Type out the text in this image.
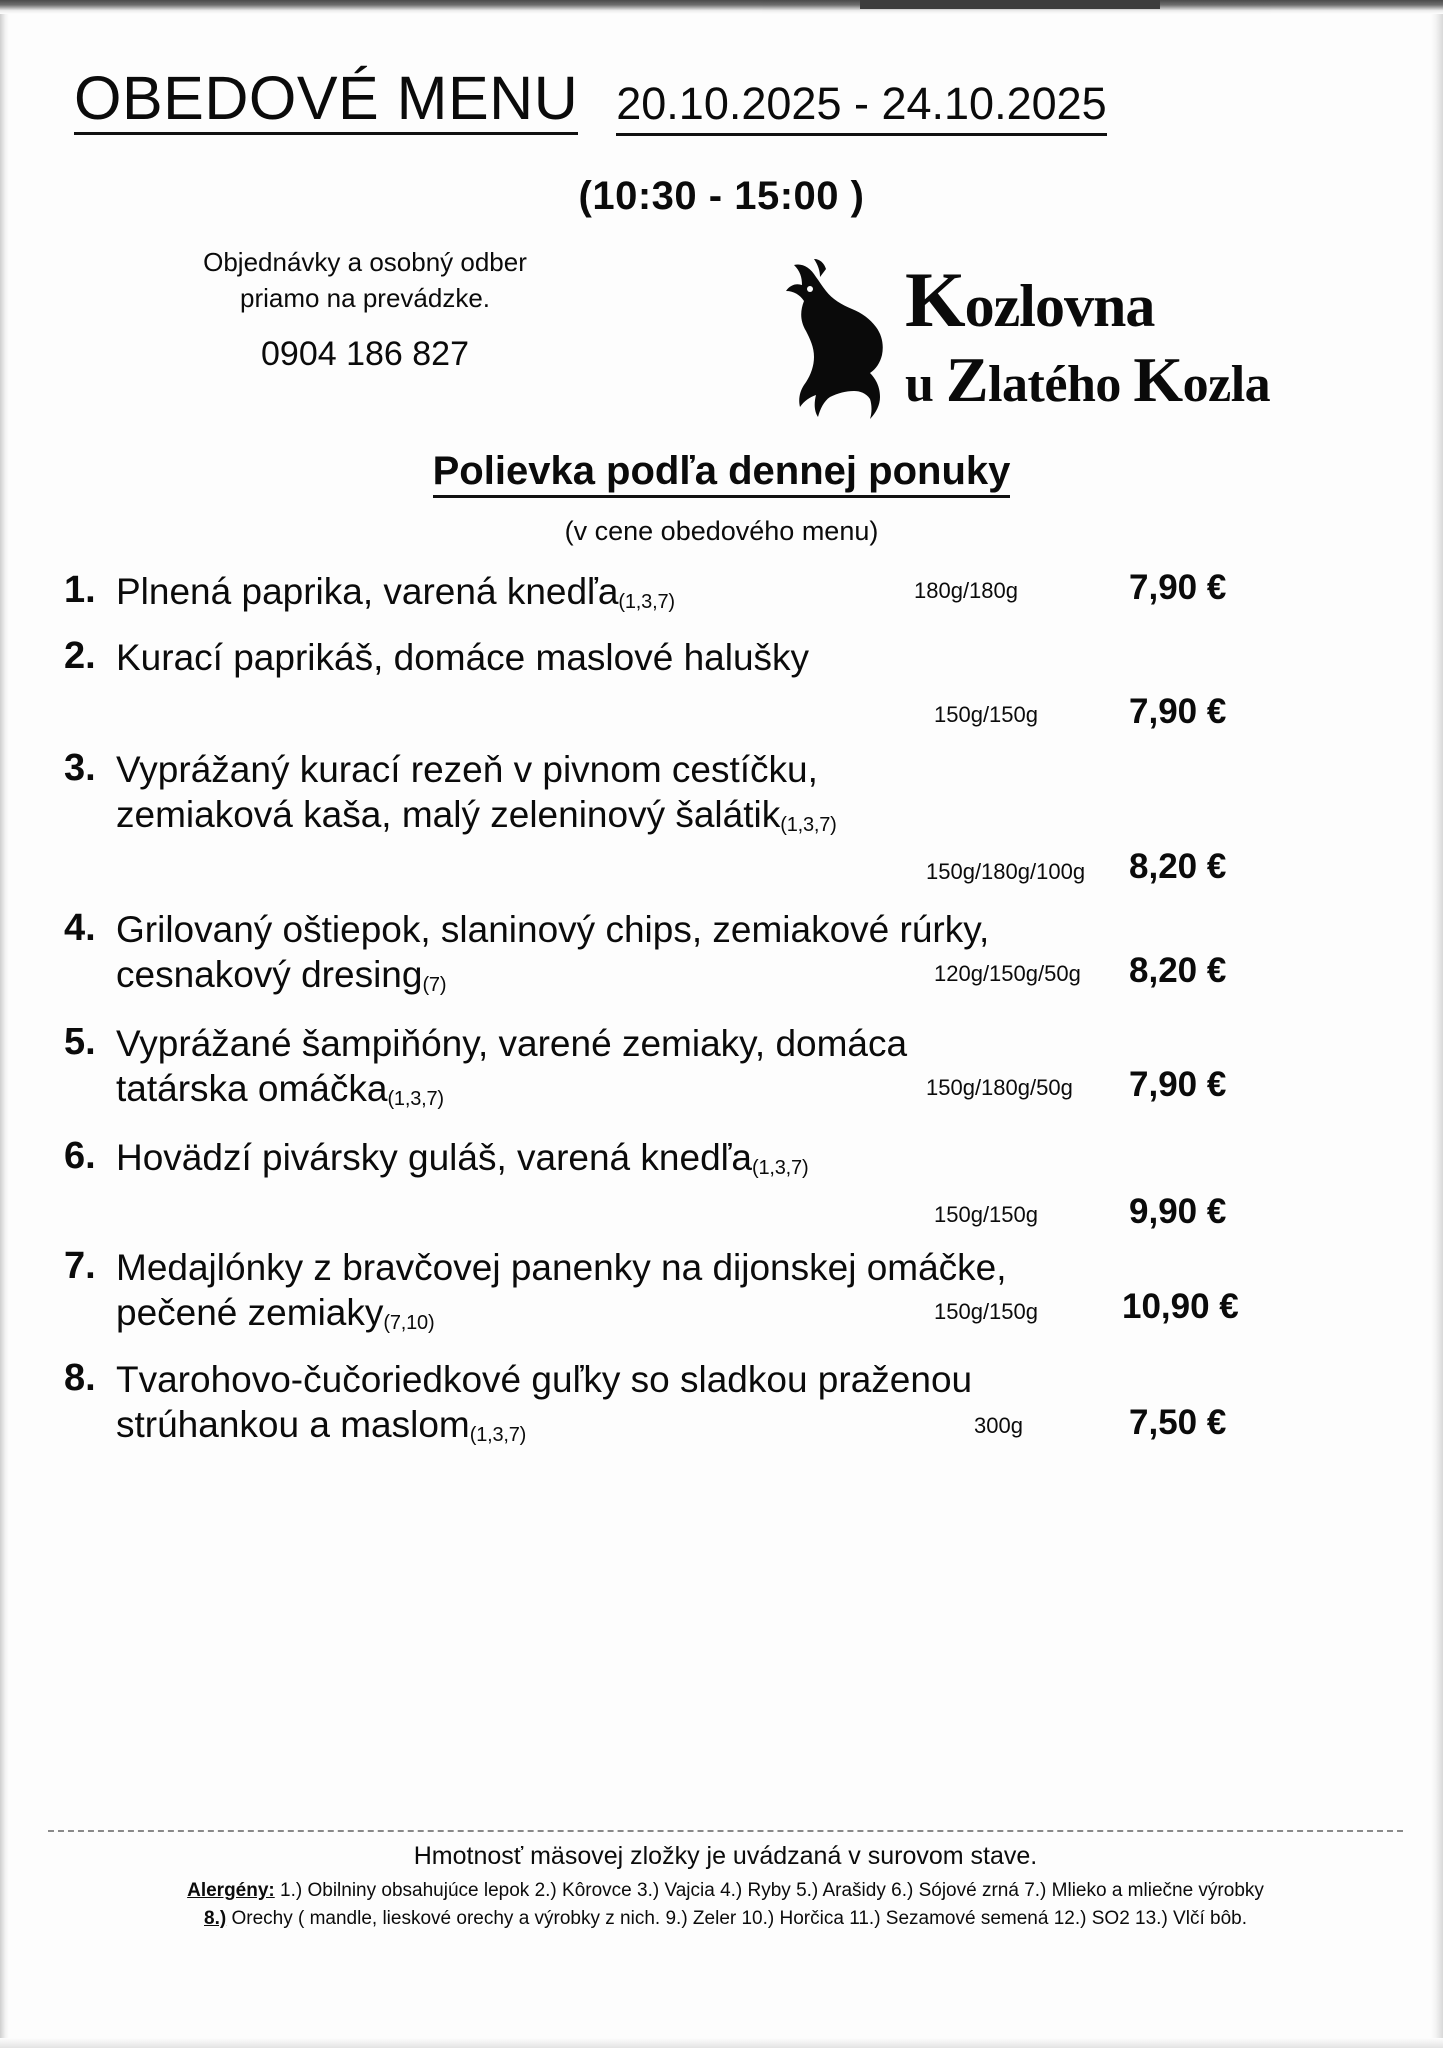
OBEDOVÉ MENU 20.10.2025 - 24.10.2025
(10:30 - 15:00 )
Objednávky a osobný odber
priamo na prevádzke.
0904 186 827
Kozlovna
u Zlatého Kozla
Polievka podľa dennej ponuky
(v cene obedového menu)
1. Plnená paprika, varená knedľa(1,3,7)	180g/180g	7,90 €
2. Kurací paprikáš, domáce maslové halušky
150g/150g	7,90 €
3. Vyprážaný kurací rezeň v pivnom cestíčku, zemiaková kaša, malý zeleninový šalátik(1,3,7)
150g/180g/100g 8,20 €
4. Grilovaný oštiepok, slaninový chips, zemiakové rúrky, cesnakový dresing(7)	120g/150g/50g 8,20 €
5. Vyprážané šampiňóny, varené zemiaky, domáca tatárska omáčka(1,3,7)	150g/180g/50g 7,90 €
6. Hovädzí pivársky guláš, varená knedľa(1,3,7)
150g/150g	9,90 €
7. Medajlónky z bravčovej panenky na dijonskej omáčke, pečené zemiaky(7,10)	150g/150g 10,90 €
8. Tvarohovo-čučoriedkové guľky so sladkou praženou strúhankou a maslom(1,3,7)	300g	7,50 €
Hmotnosť mäsovej zložky je uvádzaná v surovom stave.
Alergény: 1.) Obilniny obsahujúce lepok 2.) Kôrovce 3.) Vajcia 4.) Ryby 5.) Arašidy 6.) Sójové zrná 7.) Mlieko a mliečne výrobky
8.) Orechy ( mandle, lieskové orechy a výrobky z nich. 9.) Zeler 10.) Horčica 11.) Sezamové semená 12.) SO2 13.) Vlčí bôb.
